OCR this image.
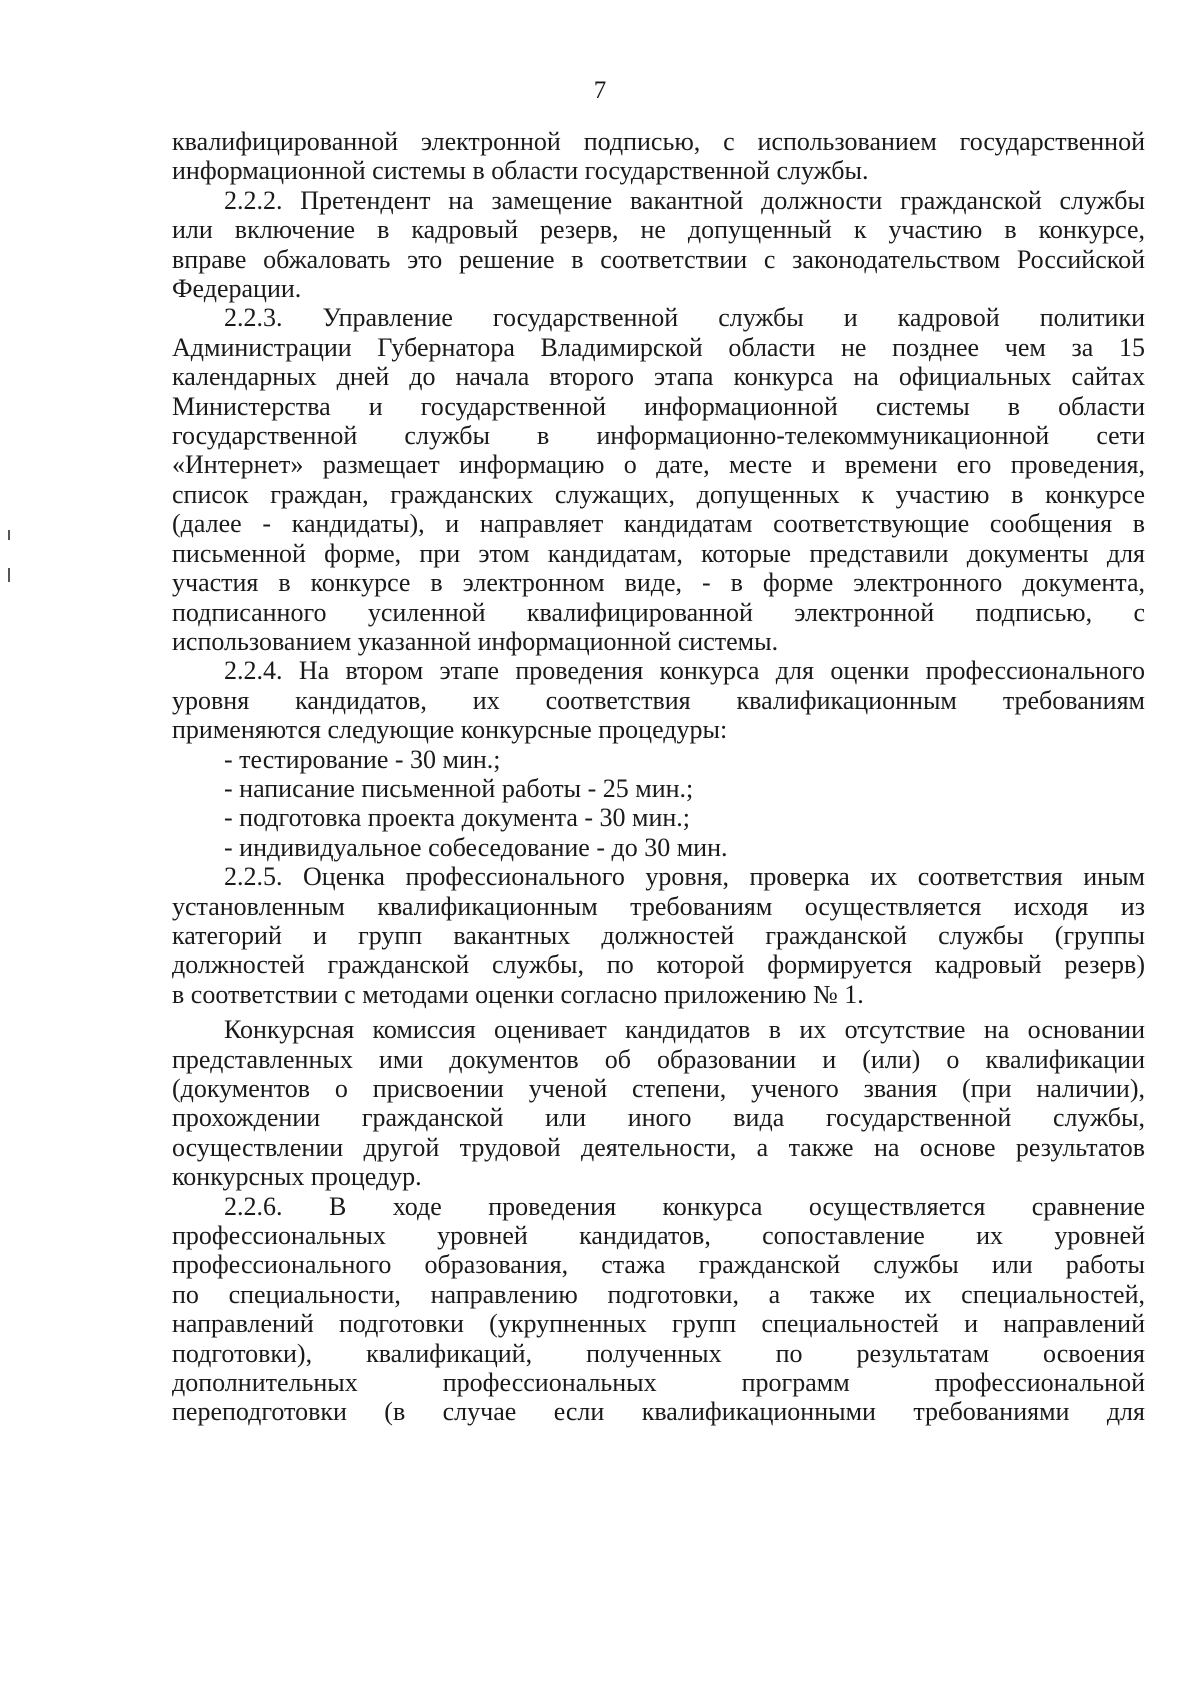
7

квалифицированной электронной подписью, с использованием государственной

информационной системы в области государственной службы.

2.2.2. Претендент на замещение вакантной должности гражданской службы

или включение в кадровый резерв, не допущенный к участию в конкурсе,

вправе обжаловать это решение в соответствии с законодательством Российской

Федерации.

2.2.3. Управление государственной службы и кадровой политики

Администрации Губернатора Владимирской области не позднее чем за 15

календарных дней до начала второго этапа конкурса на официальных сайтах

Министерства и государственной информационной системы в области

государственной службы в информационно-телекоммуникационной сети

«Интернет» размещает информацию о дате, месте и времени его проведения,

список граждан, гражданских служащих, допущенных к участию в конкурсе

(далее - кандидаты), и направляет кандидатам соответствующие сообщения в

письменной форме, при этом кандидатам, которые представили документы для

участия в конкурсе в электронном виде, - в форме электронного документа,

подписанного усиленной квалифицированной электронной подписью, с

использованием указанной информационной системы.

2.2.4. На втором этапе проведения конкурса для оценки профессионального

уровня кандидатов, их соответствия квалификационным требованиям

применяются следующие конкурсные процедуры:

- тестирование - 30 мин.;

- написание письменной работы - 25 мин.;

- подготовка проекта документа - 30 мин.;

- индивидуальное собеседование - до 30 мин.

2.2.5. Оценка профессионального уровня, проверка их соответствия иным

установленным квалификационным требованиям осуществляется исходя из

категорий и групп вакантных должностей гражданской службы (группы

должностей гражданской службы, по которой формируется кадровый резерв)

в соответствии с методами оценки согласно приложению № 1.

Конкурсная комиссия оценивает кандидатов в их отсутствие на основании

представленных ими документов об образовании и (или) о квалификации

(документов о присвоении ученой степени, ученого звания (при наличии),

прохождении гражданской или иного вида государственной службы,

осуществлении другой трудовой деятельности, а также на основе результатов

конкурсных процедур.

2.2.6. В ходе проведения конкурса осуществляется сравнение

профессиональных уровней кандидатов, сопоставление их уровней

профессионального образования, стажа гражданской службы или работы

по специальности, направлению подготовки, а также их специальностей,

направлений подготовки (укрупненных групп специальностей и направлений

подготовки), квалификаций, полученных по результатам освоения

дополнительных профессиональных программ профессиональной

переподготовки (в случае если квалификационными требованиями для
